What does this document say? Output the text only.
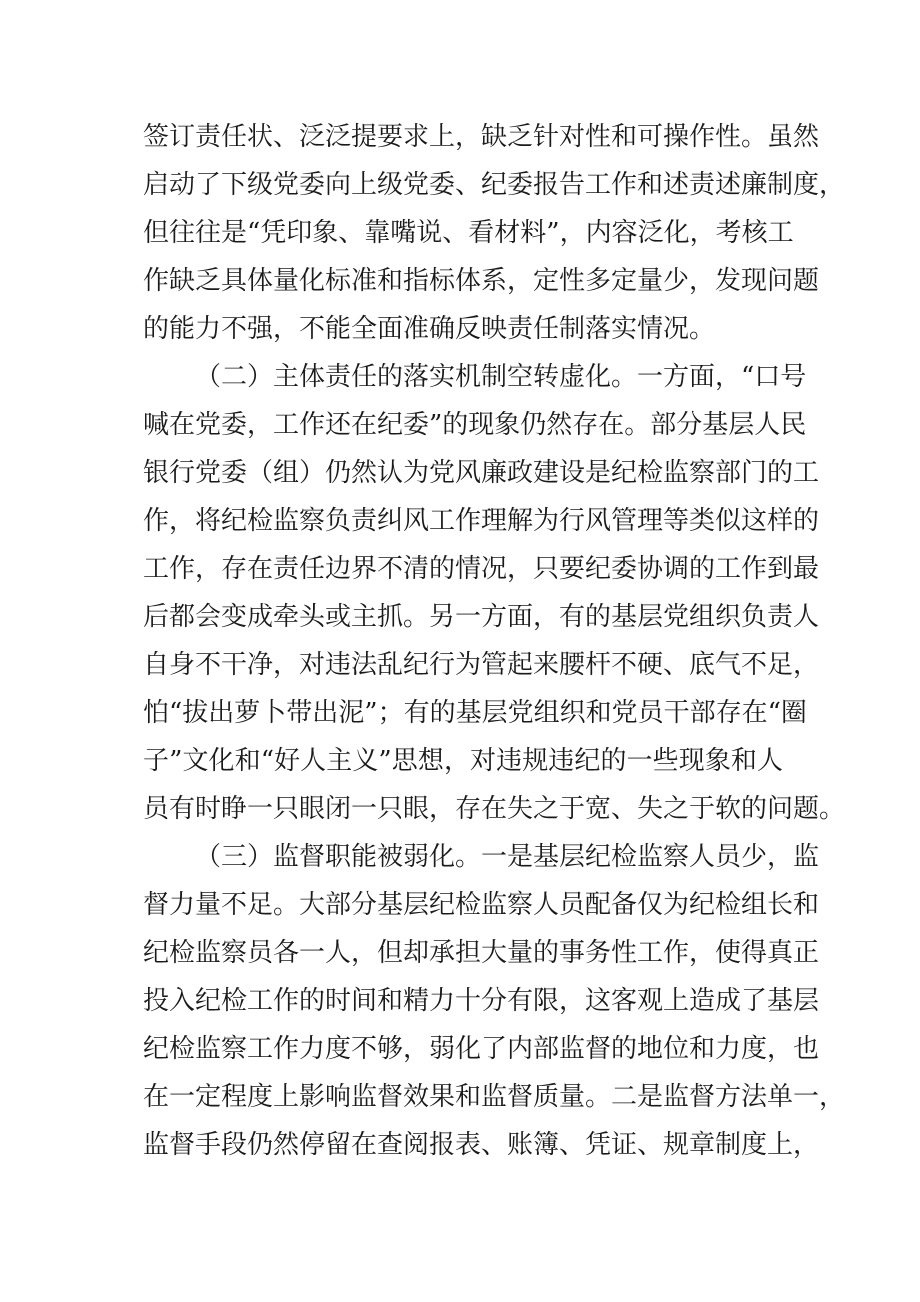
签订责任状、泛泛提要求上，缺乏针对性和可操作性。虽然
启动了下级党委向上级党委、纪委报告工作和述责述廉制度，
但往往是“凭印象、靠嘴说、看材料”，内容泛化，考核工
作缺乏具体量化标准和指标体系，定性多定量少，发现问题
的能力不强，不能全面准确反映责任制落实情况。
（二）主体责任的落实机制空转虚化。一方面，“口号
喊在党委，工作还在纪委”的现象仍然存在。部分基层人民
银行党委（组）仍然认为党风廉政建设是纪检监察部门的工
作，将纪检监察负责纠风工作理解为行风管理等类似这样的
工作，存在责任边界不清的情况，只要纪委协调的工作到最
后都会变成牵头或主抓。另一方面，有的基层党组织负责人
自身不干净，对违法乱纪行为管起来腰杆不硬、底气不足，
怕“拔出萝卜带出泥”；有的基层党组织和党员干部存在“圈
子”文化和“好人主义”思想，对违规违纪的一些现象和人
员有时睁一只眼闭一只眼，存在失之于宽、失之于软的问题。
（三）监督职能被弱化。一是基层纪检监察人员少，监
督力量不足。大部分基层纪检监察人员配备仅为纪检组长和
纪检监察员各一人，但却承担大量的事务性工作，使得真正
投入纪检工作的时间和精力十分有限，这客观上造成了基层
纪检监察工作力度不够，弱化了内部监督的地位和力度，也
在一定程度上影响监督效果和监督质量。二是监督方法单一，
监督手段仍然停留在查阅报表、账簿、凭证、规章制度上，
